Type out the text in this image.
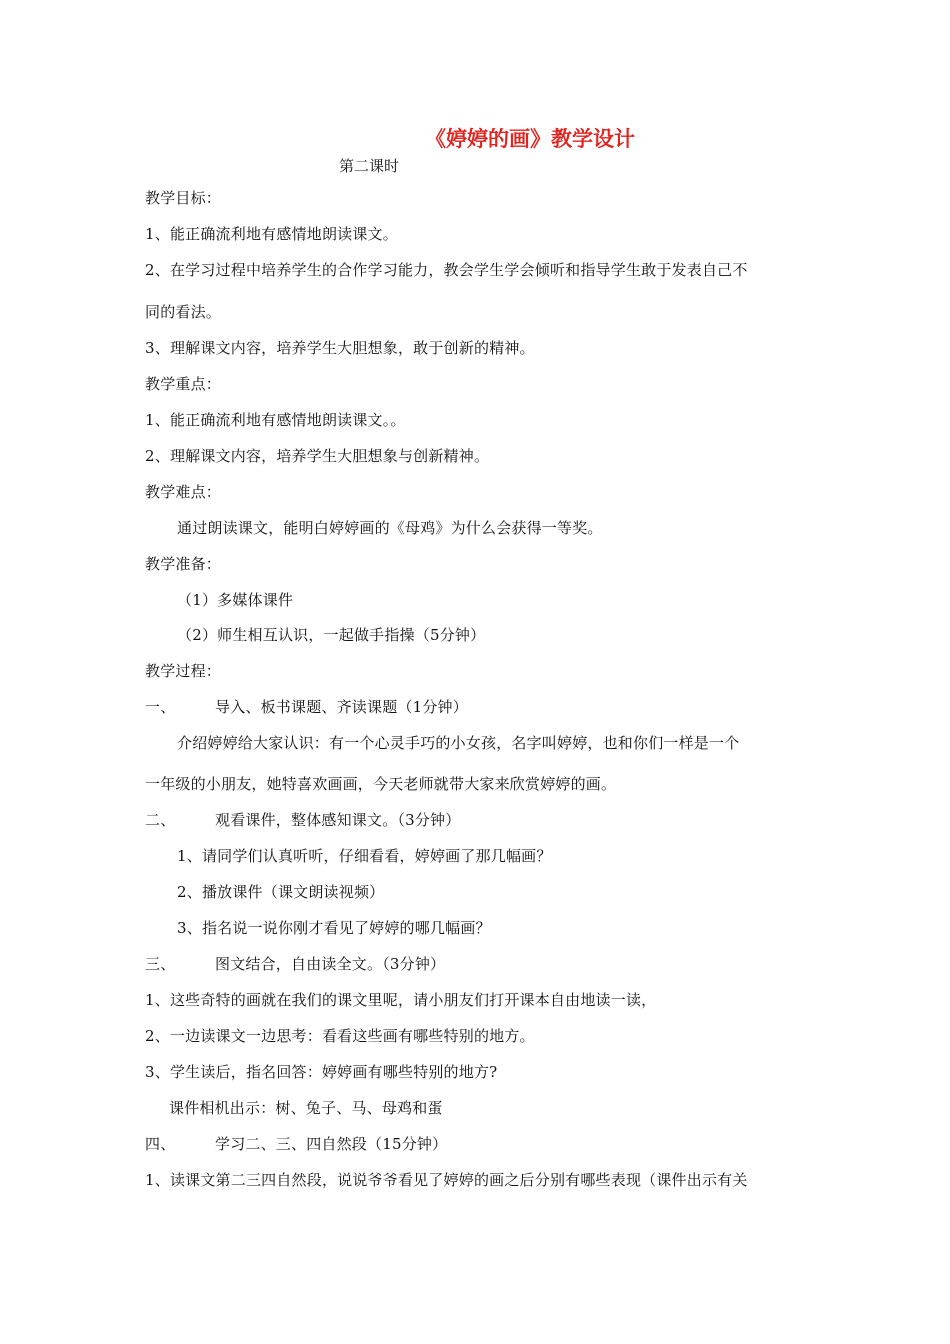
《婷婷的画》教学设计
第二课时
教学目标：
1、能正确流利地有感情地朗读课文。
2、在学习过程中培养学生的合作学习能力，教会学生学会倾听和指导学生敢于发表自己不
同的看法。
3、理解课文内容，培养学生大胆想象，敢于创新的精神。
教学重点：
1、能正确流利地有感情地朗读课文。。
2、理解课文内容，培养学生大胆想象与创新精神。
教学难点：
通过朗读课文，能明白婷婷画的《母鸡》为什么会获得一等奖。
教学准备：
（1）多媒体课件
（2）师生相互认识，一起做手指操（5分钟）
教学过程：
一、	导入、板书课题、齐读课题（1分钟）
介绍婷婷给大家认识：有一个心灵手巧的小女孩，名字叫婷婷，也和你们一样是一个
一年级的小朋友，她特喜欢画画，今天老师就带大家来欣赏婷婷的画。
二、	观看课件，整体感知课文。（3分钟）
1、请同学们认真听听，仔细看看，婷婷画了那几幅画？
2、播放课件（课文朗读视频）
3、指名说一说你刚才看见了婷婷的哪几幅画？
三、	图文结合，自由读全文。（3分钟）
1、这些奇特的画就在我们的课文里呢，请小朋友们打开课本自由地读一读，
2、一边读课文一边思考：看看这些画有哪些特别的地方。
3、学生读后，指名回答：婷婷画有哪些特别的地方?
课件相机出示：树、兔子、马、母鸡和蛋
四、	学习二、三、四自然段（15分钟）
1、读课文第二三四自然段，说说爷爷看见了婷婷的画之后分别有哪些表现（课件出示有关
